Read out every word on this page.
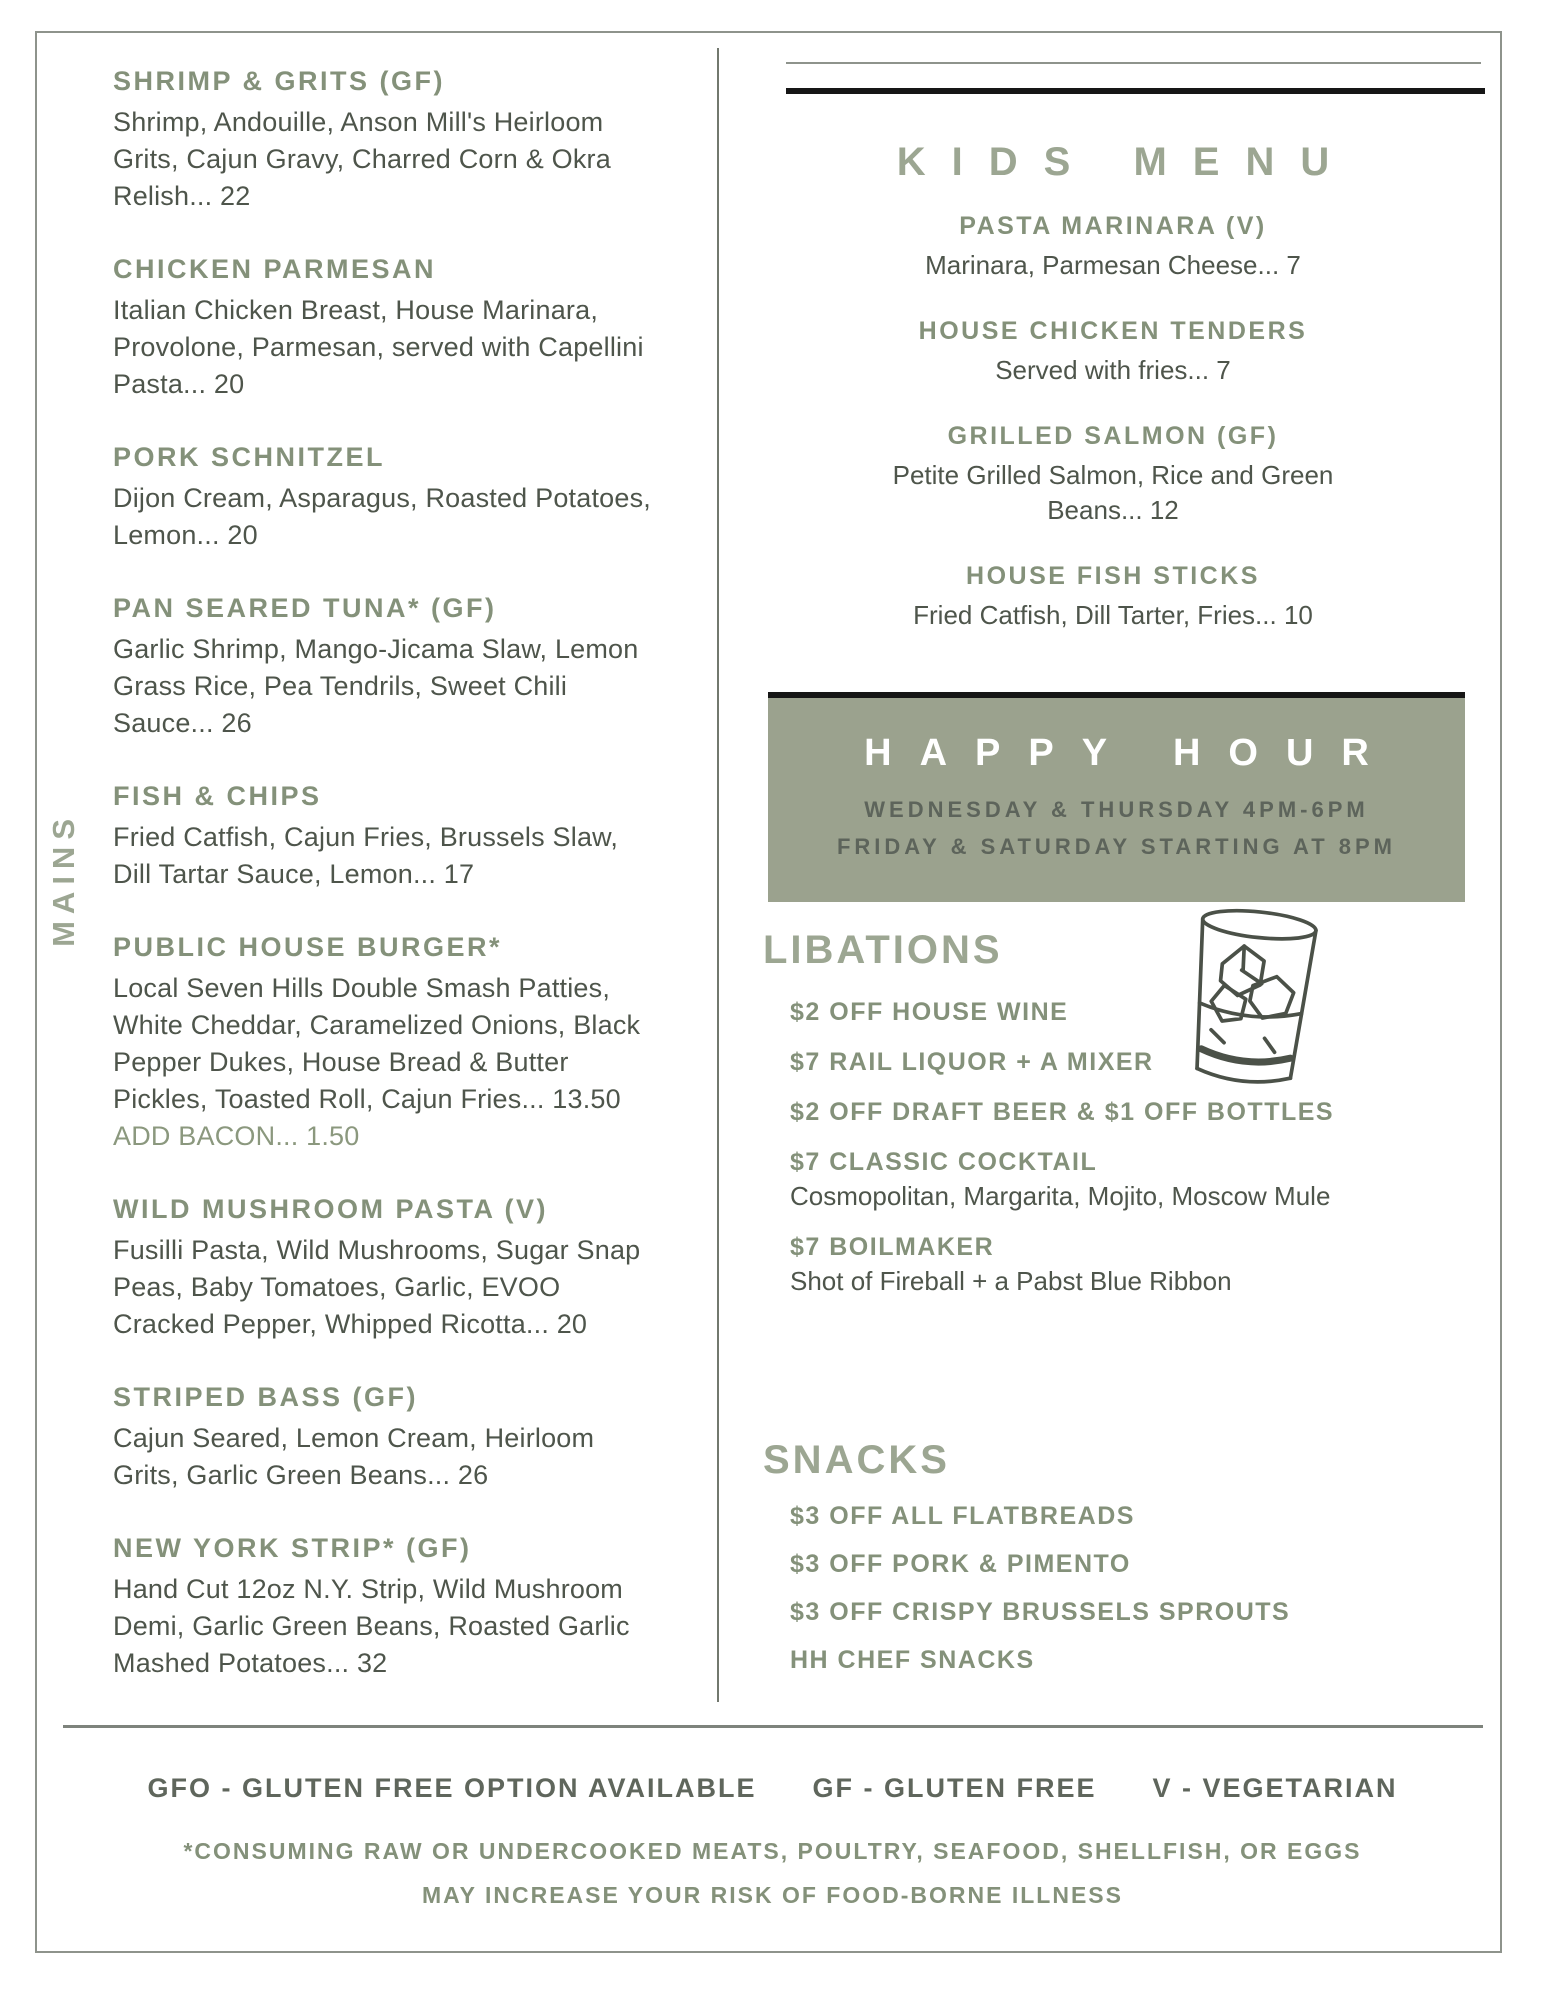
MAINS
SHRIMP & GRITS (GF)

Shrimp, Andouille, Anson Mill's Heirloom Grits, Cajun Gravy, Charred Corn & Okra Relish... 22

CHICKEN PARMESAN

Italian Chicken Breast, House Marinara, Provolone, Parmesan, served with Capellini Pasta... 20

PORK SCHNITZEL

Dijon Cream, Asparagus, Roasted Potatoes, Lemon... 20

PAN SEARED TUNA* (GF)

Garlic Shrimp, Mango-Jicama Slaw, Lemon Grass Rice, Pea Tendrils, Sweet Chili Sauce... 26

FISH & CHIPS

Fried Catfish, Cajun Fries, Brussels Slaw, Dill Tartar Sauce, Lemon... 17

PUBLIC HOUSE BURGER*

Local Seven Hills Double Smash Patties, White Cheddar, Caramelized Onions, Black Pepper Dukes, House Bread & Butter Pickles, Toasted Roll, Cajun Fries... 13.50 ADD BACON... 1.50

WILD MUSHROOM PASTA (V)

Fusilli Pasta, Wild Mushrooms, Sugar Snap Peas, Baby Tomatoes, Garlic, EVOO Cracked Pepper, Whipped Ricotta... 20

STRIPED BASS (GF)

Cajun Seared, Lemon Cream, Heirloom Grits, Garlic Green Beans... 26

NEW YORK STRIP* (GF)

Hand Cut 12oz N.Y. Strip, Wild Mushroom Demi, Garlic Green Beans, Roasted Garlic Mashed Potatoes... 32

KIDS MENU
PASTA MARINARA (V)

Marinara, Parmesan Cheese... 7

HOUSE CHICKEN TENDERS

Served with fries... 7

GRILLED SALMON (GF)

Petite Grilled Salmon, Rice and Green Beans... 12

HOUSE FISH STICKS

Fried Catfish, Dill Tarter, Fries... 10

HAPPY HOUR
WEDNESDAY & THURSDAY 4PM-6PM
FRIDAY & SATURDAY STARTING AT 8PM
LIBATIONS
$2 OFF HOUSE WINE
$7 RAIL LIQUOR + A MIXER
$2 OFF DRAFT BEER & $1 OFF BOTTLES
$7 CLASSIC COCKTAIL

Cosmopolitan, Margarita, Mojito, Moscow Mule

$7 BOILMAKER

Shot of Fireball + a Pabst Blue Ribbon

SNACKS
$3 OFF ALL FLATBREADS
$3 OFF PORK & PIMENTO
$3 OFF CRISPY BRUSSELS SPROUTS
HH CHEF SNACKS
GFO - GLUTEN FREE OPTION AVAILABLE GF - GLUTEN FREE V - VEGETARIAN
*CONSUMING RAW OR UNDERCOOKED MEATS, POULTRY, SEAFOOD, SHELLFISH, OR EGGS
MAY INCREASE YOUR RISK OF FOOD-BORNE ILLNESS
